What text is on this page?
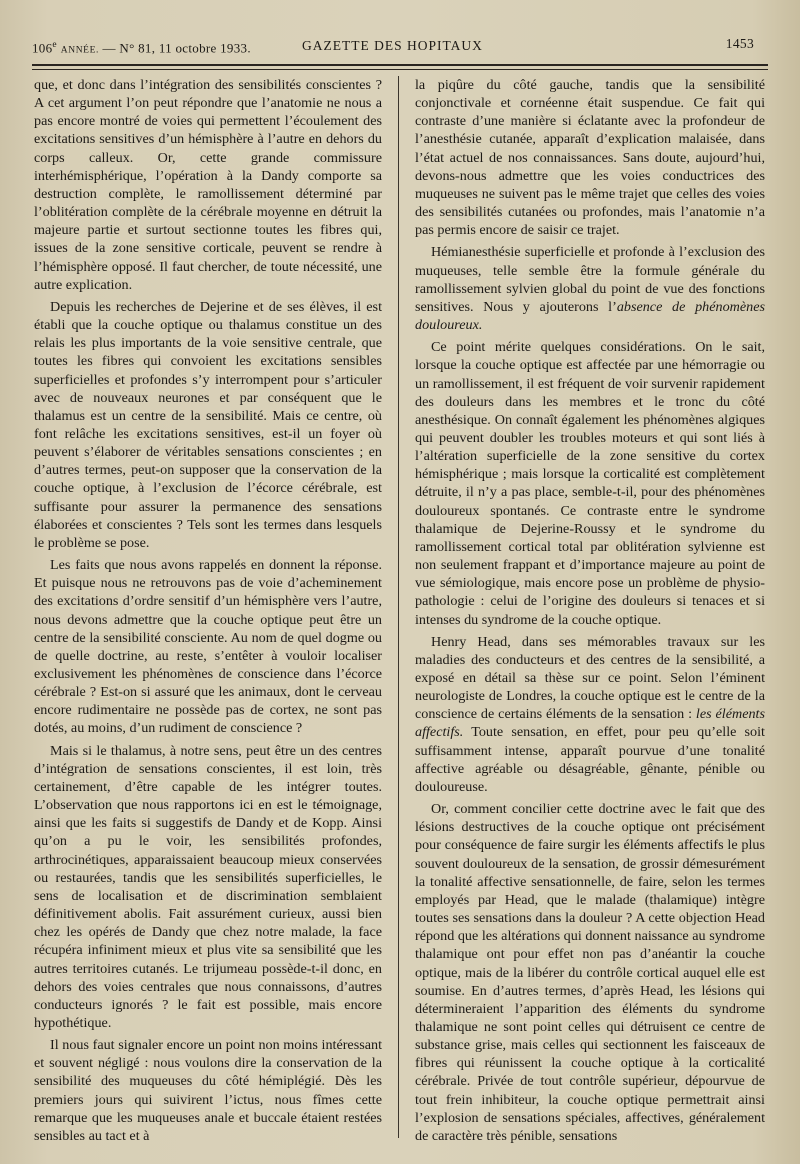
106e ANNÉE. — N° 81, 11 octobre 1933.	GAZETTE DES HOPITAUX	1453

que, et donc dans l’intégration des sensibilités conscientes ? A cet argument l’on peut répondre que l’anatomie ne nous a pas encore montré de voies qui permettent l’écoulement des excitations sensitives d’un hémisphère à l’autre en dehors du corps calleux. Or, cette grande commissure interhémisphérique, l’opération à la Dandy comporte sa destruction complète, le ramollissement déterminé par l’oblitération complète de la cérébrale moyenne en détruit la majeure partie et surtout sectionne toutes les fibres qui, issues de la zone sensitive corticale, peuvent se rendre à l’hémisphère opposé. Il faut chercher, de toute nécessité, une autre explication.

Depuis les recherches de Dejerine et de ses élèves, il est établi que la couche optique ou thalamus constitue un des relais les plus importants de la voie sensitive centrale, que toutes les fibres qui convoient les excitations sensibles superficielles et profondes s’y interrompent pour s’articuler avec de nouveaux neurones et par conséquent que le thalamus est un centre de la sensibilité. Mais ce centre, où font relâche les excitations sensitives, est-il un foyer où peuvent s’élaborer de véritables sensations conscientes ; en d’autres termes, peut-on supposer que la conservation de la couche optique, à l’exclusion de l’écorce cérébrale, est suffisante pour assurer la permanence des sensations élaborées et conscientes ? Tels sont les termes dans lesquels le problème se pose.

Les faits que nous avons rappelés en donnent la réponse. Et puisque nous ne retrouvons pas de voie d’acheminement des excitations d’ordre sensitif d’un hémisphère vers l’autre, nous devons admettre que la couche optique peut être un centre de la sensibilité consciente. Au nom de quel dogme ou de quelle doctrine, au reste, s’entêter à vouloir localiser exclusivement les phénomènes de conscience dans l’écorce cérébrale ? Est-on si assuré que les animaux, dont le cerveau encore rudimentaire ne possède pas de cortex, ne sont pas dotés, au moins, d’un rudiment de conscience ?

Mais si le thalamus, à notre sens, peut être un des centres d’intégration de sensations conscientes, il est loin, très certainement, d’être capable de les intégrer toutes. L’observation que nous rapportons ici en est le témoignage, ainsi que les faits si suggestifs de Dandy et de Kopp. Ainsi qu’on a pu le voir, les sensibilités profondes, arthrocinétiques, apparaissaient beaucoup mieux conservées ou restaurées, tandis que les sensibilités superficielles, le sens de localisation et de discrimination semblaient définitivement abolis. Fait assurément curieux, aussi bien chez les opérés de Dandy que chez notre malade, la face récupéra infiniment mieux et plus vite sa sensibilité que les autres territoires cutanés. Le trijumeau possède-t-il donc, en dehors des voies centrales que nous connaissons, d’autres conducteurs ignorés ? le fait est possible, mais encore hypothétique.

Il nous faut signaler encore un point non moins intéressant et souvent négligé : nous voulons dire la conservation de la sensibilité des muqueuses du côté hémiplégié. Dès les premiers jours qui suivirent l’ictus, nous fîmes cette remarque que les muqueuses anale et buccale étaient restées sensibles au tact et à

la piqûre du côté gauche, tandis que la sensibilité conjonctivale et cornéenne était suspendue. Ce fait qui contraste d’une manière si éclatante avec la profondeur de l’anesthésie cutanée, apparaît d’explication malaisée, dans l’état actuel de nos connaissances. Sans doute, aujourd’hui, devons-nous admettre que les voies conductrices des muqueuses ne suivent pas le même trajet que celles des voies des sensibilités cutanées ou profondes, mais l’anatomie n’a pas permis encore de saisir ce trajet.

Hémianesthésie superficielle et profonde à l’exclusion des muqueuses, telle semble être la formule générale du ramollissement sylvien global du point de vue des fonctions sensitives. Nous y ajouterons l’absence de phénomènes douloureux.

Ce point mérite quelques considérations. On le sait, lorsque la couche optique est affectée par une hémorragie ou un ramollissement, il est fréquent de voir survenir rapidement des douleurs dans les membres et le tronc du côté anesthésique. On connaît également les phénomènes algiques qui peuvent doubler les troubles moteurs et qui sont liés à l’altération superficielle de la zone sensitive du cortex hémisphérique ; mais lorsque la corticalité est complètement détruite, il n’y a pas place, semble-t-il, pour des phénomènes douloureux spontanés. Ce contraste entre le syndrome thalamique de Dejerine-Roussy et le syndrome du ramollissement cortical total par oblitération sylvienne est non seulement frappant et d’importance majeure au point de vue sémiologique, mais encore pose un problème de physio-pathologie : celui de l’origine des douleurs si tenaces et si intenses du syndrome de la couche optique.

Henry Head, dans ses mémorables travaux sur les maladies des conducteurs et des centres de la sensibilité, a exposé en détail sa thèse sur ce point. Selon l’éminent neurologiste de Londres, la couche optique est le centre de la conscience de certains éléments de la sensation : les éléments affectifs. Toute sensation, en effet, pour peu qu’elle soit suffisamment intense, apparaît pourvue d’une tonalité affective agréable ou désagréable, gênante, pénible ou douloureuse.

Or, comment concilier cette doctrine avec le fait que des lésions destructives de la couche optique ont précisément pour conséquence de faire surgir les éléments affectifs le plus souvent douloureux de la sensation, de grossir démesurément la tonalité affective sensationnelle, de faire, selon les termes employés par Head, que le malade (thalamique) intègre toutes ses sensations dans la douleur ? A cette objection Head répond que les altérations qui donnent naissance au syndrome thalamique ont pour effet non pas d’anéantir la couche optique, mais de la libérer du contrôle cortical auquel elle est soumise. En d’autres termes, d’après Head, les lésions qui détermineraient l’apparition des éléments du syndrome thalamique ne sont point celles qui détruisent ce centre de substance grise, mais celles qui sectionnent les faisceaux de fibres qui réunissent la couche optique à la corticalité cérébrale. Privée de tout contrôle supérieur, dépourvue de tout frein inhibiteur, la couche optique permettrait ainsi l’explosion de sensations spéciales, affectives, généralement de caractère très pénible, sensations
